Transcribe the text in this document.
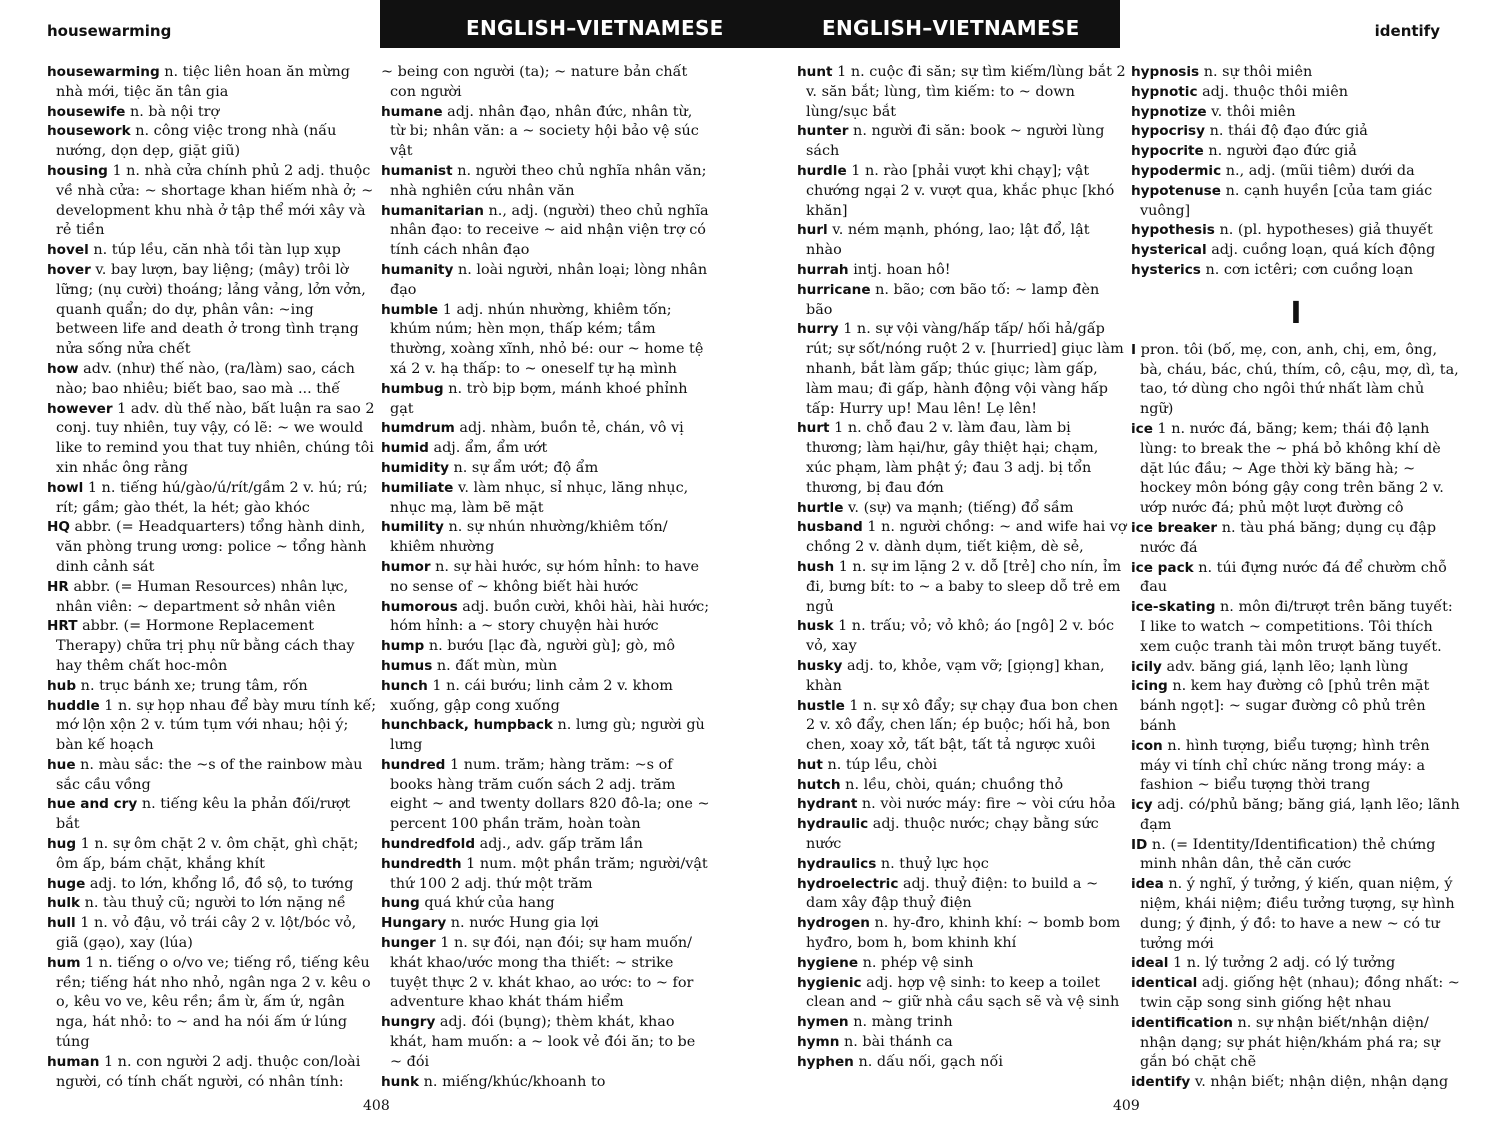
housewarming	ENGLISH–VIETNAMESE	ENGLISH–VIETNAMESE	identify
housewarming n. tiệc liên hoan ăn mừng nhà mới, tiệc ăn tân gia
housewife n. bà nội trợ
housework n. công việc trong nhà (nấu nướng, dọn dẹp, giặt giũ)
housing 1 n. nhà cửa chính phủ 2 adj. thuộc về nhà cửa: ~ shortage khan hiếm nhà ở; ~ development khu nhà ở tập thể mới xây và rẻ tiền
hovel n. túp lều, căn nhà tồi tàn lụp xụp
hover v. bay lượn, bay liệng; (mây) trôi lờ lững; (nụ cười) thoáng; lảng vảng, lởn vởn, quanh quẩn; do dự, phân vân: ~ing between life and death ở trong tình trạng nửa sống nửa chết
how adv. (như) thế nào, (ra/làm) sao, cách nào; bao nhiêu; biết bao, sao mà ... thế
however 1 adv. dù thế nào, bất luận ra sao 2 conj. tuy nhiên, tuy vậy, có lẽ: ~ we would like to remind you that tuy nhiên, chúng tôi xin nhắc ông rằng
howl 1 n. tiếng hú/gào/ú/rít/gầm 2 v. hú; rú; rít; gầm; gào thét, la hét; gào khóc
HQ abbr. (= Headquarters) tổng hành dinh, văn phòng trung ương: police ~ tổng hành dinh cảnh sát
HR abbr. (= Human Resources) nhân lực, nhân viên: ~ department sở nhân viên
HRT abbr. (= Hormone Replacement Therapy) chữa trị phụ nữ bằng cách thay hay thêm chất hoc-môn
hub n. trục bánh xe; trung tâm, rốn
huddle 1 n. sự họp nhau để bày mưu tính kế; mớ lộn xộn 2 v. túm tụm với nhau; hội ý; bàn kế hoạch
hue n. màu sắc: the ~s of the rainbow màu sắc cầu vồng
hue and cry n. tiếng kêu la phản đối/rượt bắt
hug 1 n. sự ôm chặt 2 v. ôm chặt, ghì chặt; ôm ấp, bám chặt, khắng khít
huge adj. to lớn, khổng lồ, đồ sộ, to tướng
hulk n. tàu thuỷ cũ; người to lớn nặng nề
hull 1 n. vỏ đậu, vỏ trái cây 2 v. lột/bóc vỏ, giã (gạo), xay (lúa)
hum 1 n. tiếng o o/vo ve; tiếng rồ, tiếng kêu rền; tiếng hát nho nhỏ, ngân nga 2 v. kêu o o, kêu vo ve, kêu rền; ầm ừ, ấm ứ, ngân nga, hát nhỏ: to ~ and ha nói ấm ứ lúng túng
human 1 n. con người 2 adj. thuộc con/loài người, có tính chất người, có nhân tính:
~ being con người (ta); ~ nature bản chất con người
humane adj. nhân đạo, nhân đức, nhân từ, từ bi; nhân văn: a ~ society hội bảo vệ súc vật
humanist n. người theo chủ nghĩa nhân văn; nhà nghiên cứu nhân văn
humanitarian n., adj. (người) theo chủ nghĩa nhân đạo: to receive ~ aid nhận viện trợ có tính cách nhân đạo
humanity n. loài người, nhân loại; lòng nhân đạo
humble 1 adj. nhún nhường, khiêm tốn; khúm núm; hèn mọn, thấp kém; tầm thường, xoàng xĩnh, nhỏ bé: our ~ home tệ xá 2 v. hạ thấp: to ~ oneself tự hạ mình
humbug n. trò bịp bợm, mánh khoé phỉnh gạt
humdrum adj. nhàm, buồn tẻ, chán, vô vị
humid adj. ẩm, ẩm ướt
humidity n. sự ẩm ướt; độ ẩm
humiliate v. làm nhục, sỉ nhục, lăng nhục, nhục mạ, làm bẽ mặt
humility n. sự nhún nhường/khiêm tốn/ khiêm nhường
humor n. sự hài hước, sự hóm hỉnh: to have no sense of ~ không biết hài hước
humorous adj. buồn cười, khôi hài, hài hước; hóm hỉnh: a ~ story chuyện hài hước
hump n. bướu [lạc đà, người gù]; gò, mô
humus n. đất mùn, mùn
hunch 1 n. cái bướu; linh cảm 2 v. khom xuống, gập cong xuống
hunchback, humpback n. lưng gù; người gù lưng
hundred 1 num. trăm; hàng trăm: ~s of books hàng trăm cuốn sách 2 adj. trăm eight ~ and twenty dollars 820 đô-la; one ~ percent 100 phần trăm, hoàn toàn
hundredfold adj., adv. gấp trăm lần
hundredth 1 num. một phần trăm; người/vật thứ 100 2 adj. thứ một trăm
hung quá khứ của hang
Hungary n. nước Hung gia lợi
hunger 1 n. sự đói, nạn đói; sự ham muốn/ khát khao/ước mong tha thiết: ~ strike tuyệt thực 2 v. khát khao, ao ước: to ~ for adventure khao khát thám hiểm
hungry adj. đói (bụng); thèm khát, khao khát, ham muốn: a ~ look vẻ đói ăn; to be ~ đói
hunk n. miếng/khúc/khoanh to
hunt 1 n. cuộc đi săn; sự tìm kiếm/lùng bắt 2 v. săn bắt; lùng, tìm kiếm: to ~ down lùng/sục bắt
hunter n. người đi săn: book ~ người lùng sách
hurdle 1 n. rào [phải vượt khi chạy]; vật chướng ngại 2 v. vượt qua, khắc phục [khó khăn]
hurl v. ném mạnh, phóng, lao; lật đổ, lật nhào
hurrah intj. hoan hô!
hurricane n. bão; cơn bão tố: ~ lamp đèn bão
hurry 1 n. sự vội vàng/hấp tấp/ hối hả/gấp rút; sự sốt/nóng ruột 2 v. [hurried] giục làm nhanh, bắt làm gấp; thúc giục; làm gấp, làm mau; đi gấp, hành động vội vàng hấp tấp: Hurry up! Mau lên! Lẹ lên!
hurt 1 n. chỗ đau 2 v. làm đau, làm bị thương; làm hại/hư, gây thiệt hại; chạm, xúc phạm, làm phật ý; đau 3 adj. bị tổn thương, bị đau đớn
hurtle v. (sự) va mạnh; (tiếng) đổ sầm
husband 1 n. người chồng: ~ and wife hai vợ chồng 2 v. dành dụm, tiết kiệm, dè sẻ,
hush 1 n. sự im lặng 2 v. dỗ [trẻ] cho nín, ỉm đi, bưng bít: to ~ a baby to sleep dỗ trẻ em ngủ
husk 1 n. trấu; vỏ; vỏ khô; áo [ngô] 2 v. bóc vỏ, xay
husky adj. to, khỏe, vạm vỡ; [giọng] khan, khàn
hustle 1 n. sự xô đẩy; sự chạy đua bon chen 2 v. xô đẩy, chen lấn; ép buộc; hối hả, bon chen, xoay xở, tất bật, tất tả ngược xuôi
hut n. túp lều, chòi
hutch n. lều, chòi, quán; chuồng thỏ
hydrant n. vòi nước máy: fire ~ vòi cứu hỏa
hydraulic adj. thuộc nước; chạy bằng sức nước
hydraulics n. thuỷ lực học
hydroelectric adj. thuỷ điện: to build a ~ dam xây đập thuỷ điện
hydrogen n. hy-đro, khinh khí: ~ bomb bom hyđro, bom h, bom khinh khí
hygiene n. phép vệ sinh
hygienic adj. hợp vệ sinh: to keep a toilet clean and ~ giữ nhà cầu sạch sẽ và vệ sinh
hymen n. màng trinh
hymn n. bài thánh ca
hyphen n. dấu nối, gạch nối
hypnosis n. sự thôi miên
hypnotic adj. thuộc thôi miên
hypnotize v. thôi miên
hypocrisy n. thái độ đạo đức giả
hypocrite n. người đạo đức giả
hypodermic n., adj. (mũi tiêm) dưới da
hypotenuse n. cạnh huyền [của tam giác vuông]
hypothesis n. (pl. hypotheses) giả thuyết
hysterical adj. cuồng loạn, quá kích động
hysterics n. cơn ictêri; cơn cuồng loạn
I
I pron. tôi (bố, mẹ, con, anh, chị, em, ông, bà, cháu, bác, chú, thím, cô, cậu, mợ, dì, ta, tao, tớ dùng cho ngôi thứ nhất làm chủ ngữ)
ice 1 n. nước đá, băng; kem; thái độ lạnh lùng: to break the ~ phá bỏ không khí dè dặt lúc đầu; ~ Age thời kỳ băng hà; ~ hockey môn bóng gậy cong trên băng 2 v. ướp nước đá; phủ một lượt đường cô
ice breaker n. tàu phá băng; dụng cụ đập nước đá
ice pack n. túi đựng nước đá để chườm chỗ đau
ice-skating n. môn đi/trượt trên băng tuyết: I like to watch ~ competitions. Tôi thích xem cuộc tranh tài môn trượt băng tuyết.
icily adv. băng giá, lạnh lẽo; lạnh lùng
icing n. kem hay đường cô [phủ trên mặt bánh ngọt]: ~ sugar đường cô phủ trên bánh
icon n. hình tượng, biểu tượng; hình trên máy vi tính chỉ chức năng trong máy: a fashion ~ biểu tượng thời trang
icy adj. có/phủ băng; băng giá, lạnh lẽo; lãnh đạm
ID n. (= Identity/Identification) thẻ chứng minh nhân dân, thẻ căn cước
idea n. ý nghĩ, ý tưởng, ý kiến, quan niệm, ý niệm, khái niệm; điều tưởng tượng, sự hình dung; ý định, ý đồ: to have a new ~ có tư tưởng mới
ideal 1 n. lý tưởng 2 adj. có lý tưởng
identical adj. giống hệt (nhau); đồng nhất: ~ twin cặp song sinh giống hệt nhau
identification n. sự nhận biết/nhận diện/ nhận dạng; sự phát hiện/khám phá ra; sự gắn bó chặt chẽ
identify v. nhận biết; nhận diện, nhận dạng
408	409
